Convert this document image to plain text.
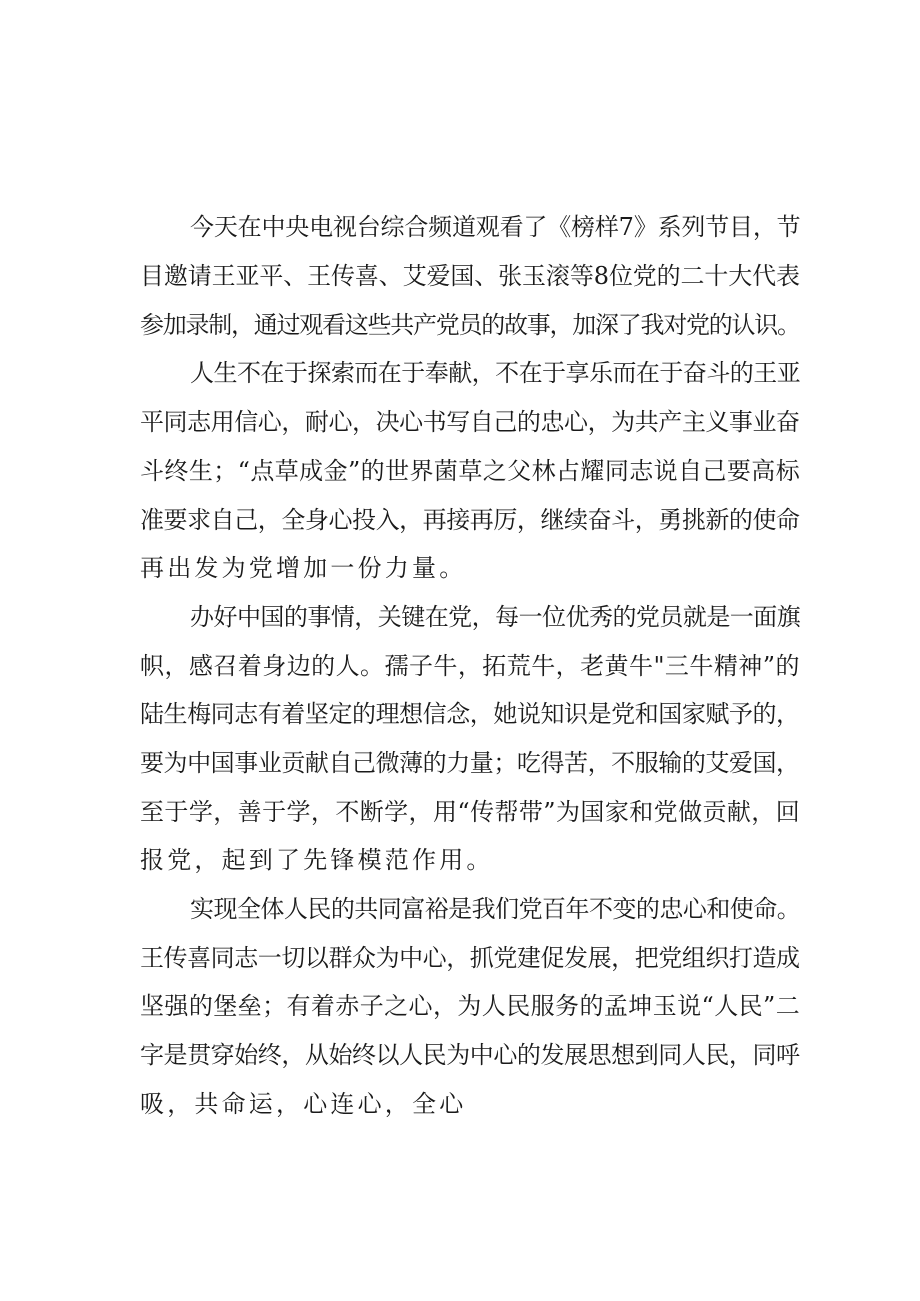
今天在中央电视台综合频道观看了《榜样7》系列节目，节
目邀请王亚平、王传喜、艾爱国、张玉滚等8位党的二十大代表
参加录制，通过观看这些共产党员的故事，加深了我对党的认识。
人生不在于探索而在于奉献，不在于享乐而在于奋斗的王亚
平同志用信心，耐心，决心书写自己的忠心，为共产主义事业奋
斗终生；“点草成金”的世界菌草之父林占耀同志说自己要高标
准要求自己，全身心投入，再接再厉，继续奋斗，勇挑新的使命
再出发为党增加一份力量。
办好中国的事情，关键在党，每一位优秀的党员就是一面旗
帜，感召着身边的人。孺子牛，拓荒牛，老黄牛"三牛精神”的
陆生梅同志有着坚定的理想信念，她说知识是党和国家赋予的，
要为中国事业贡献自己微薄的力量；吃得苦，不服输的艾爱国，
至于学，善于学，不断学，用“传帮带”为国家和党做贡献，回
报党，起到了先锋模范作用。
实现全体人民的共同富裕是我们党百年不变的忠心和使命。
王传喜同志一切以群众为中心，抓党建促发展，把党组织打造成
坚强的堡垒；有着赤子之心，为人民服务的孟坤玉说“人民”二
字是贯穿始终，从始终以人民为中心的发展思想到同人民，同呼
吸，共命运，心连心，全心
